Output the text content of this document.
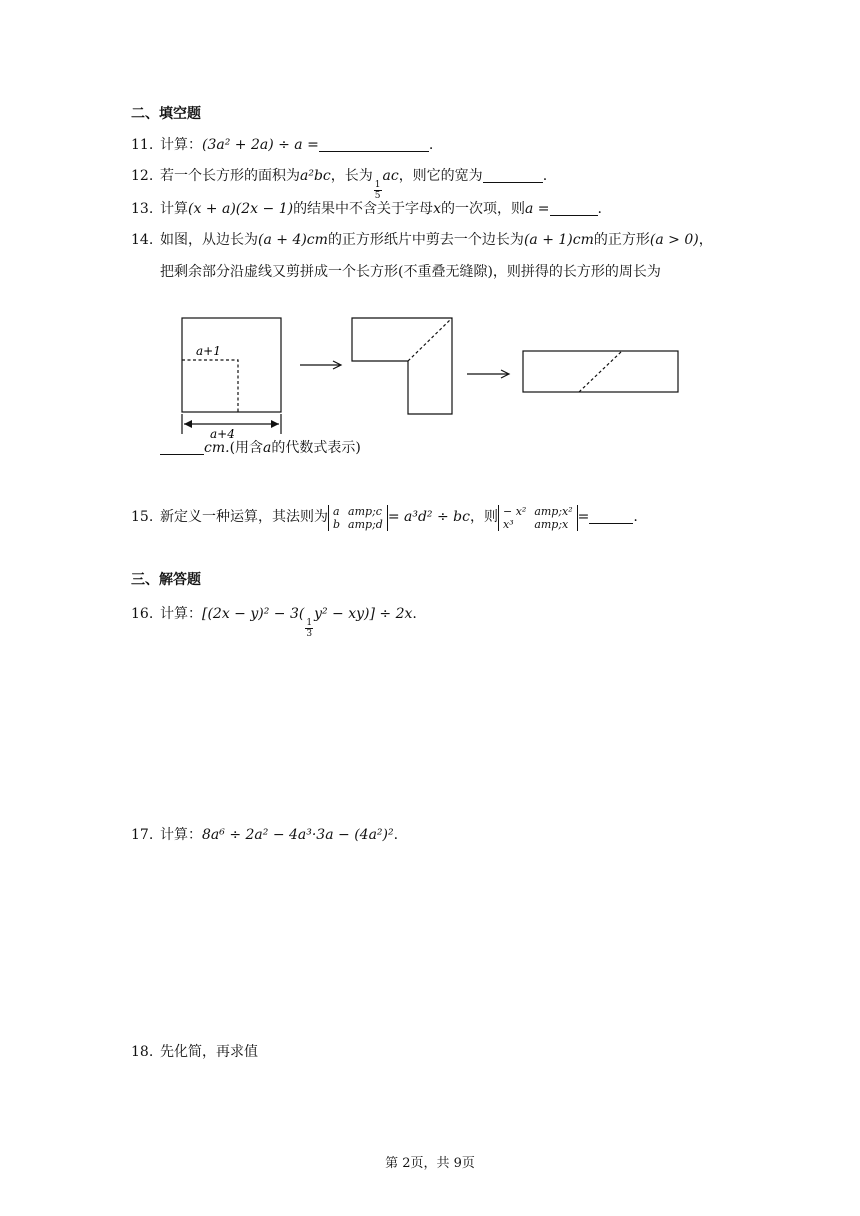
二、填空题
11. 计算：(3a² + 2a) ÷ a =	.
12. 若一个长方形的面积为a²bc，长为
$\frac{1}{5}$
ac，则它的宽为	.
13. 计算(x + a)(2x − 1)的结果中不含关于字母x的一次项，则a =	.
14. 如图，从边长为(a + 4)cm的正方形纸片中剪去一个边长为(a + 1)cm的正方形(a > 0)，
把剩余部分沿虚线又剪拼成一个长方形(不重叠无缝隙)，则拼得的长方形的周长为
a+1
a+4
cm.(用含a的代数式表示)
15. 新定义一种运算，其法则为 a	amp;c
b	amp;d = a³d² ÷ bc，则 − x²	amp;x²
x³	amp;x =	.
三、解答题
16. 计算：[(2x − y)² − 3(
$\frac{1}{3}$
y² − xy)] ÷ 2x.
17. 计算：8a⁶ ÷ 2a² − 4a³·3a − (4a²)².
18. 先化简，再求值
第 2页，共 9页
